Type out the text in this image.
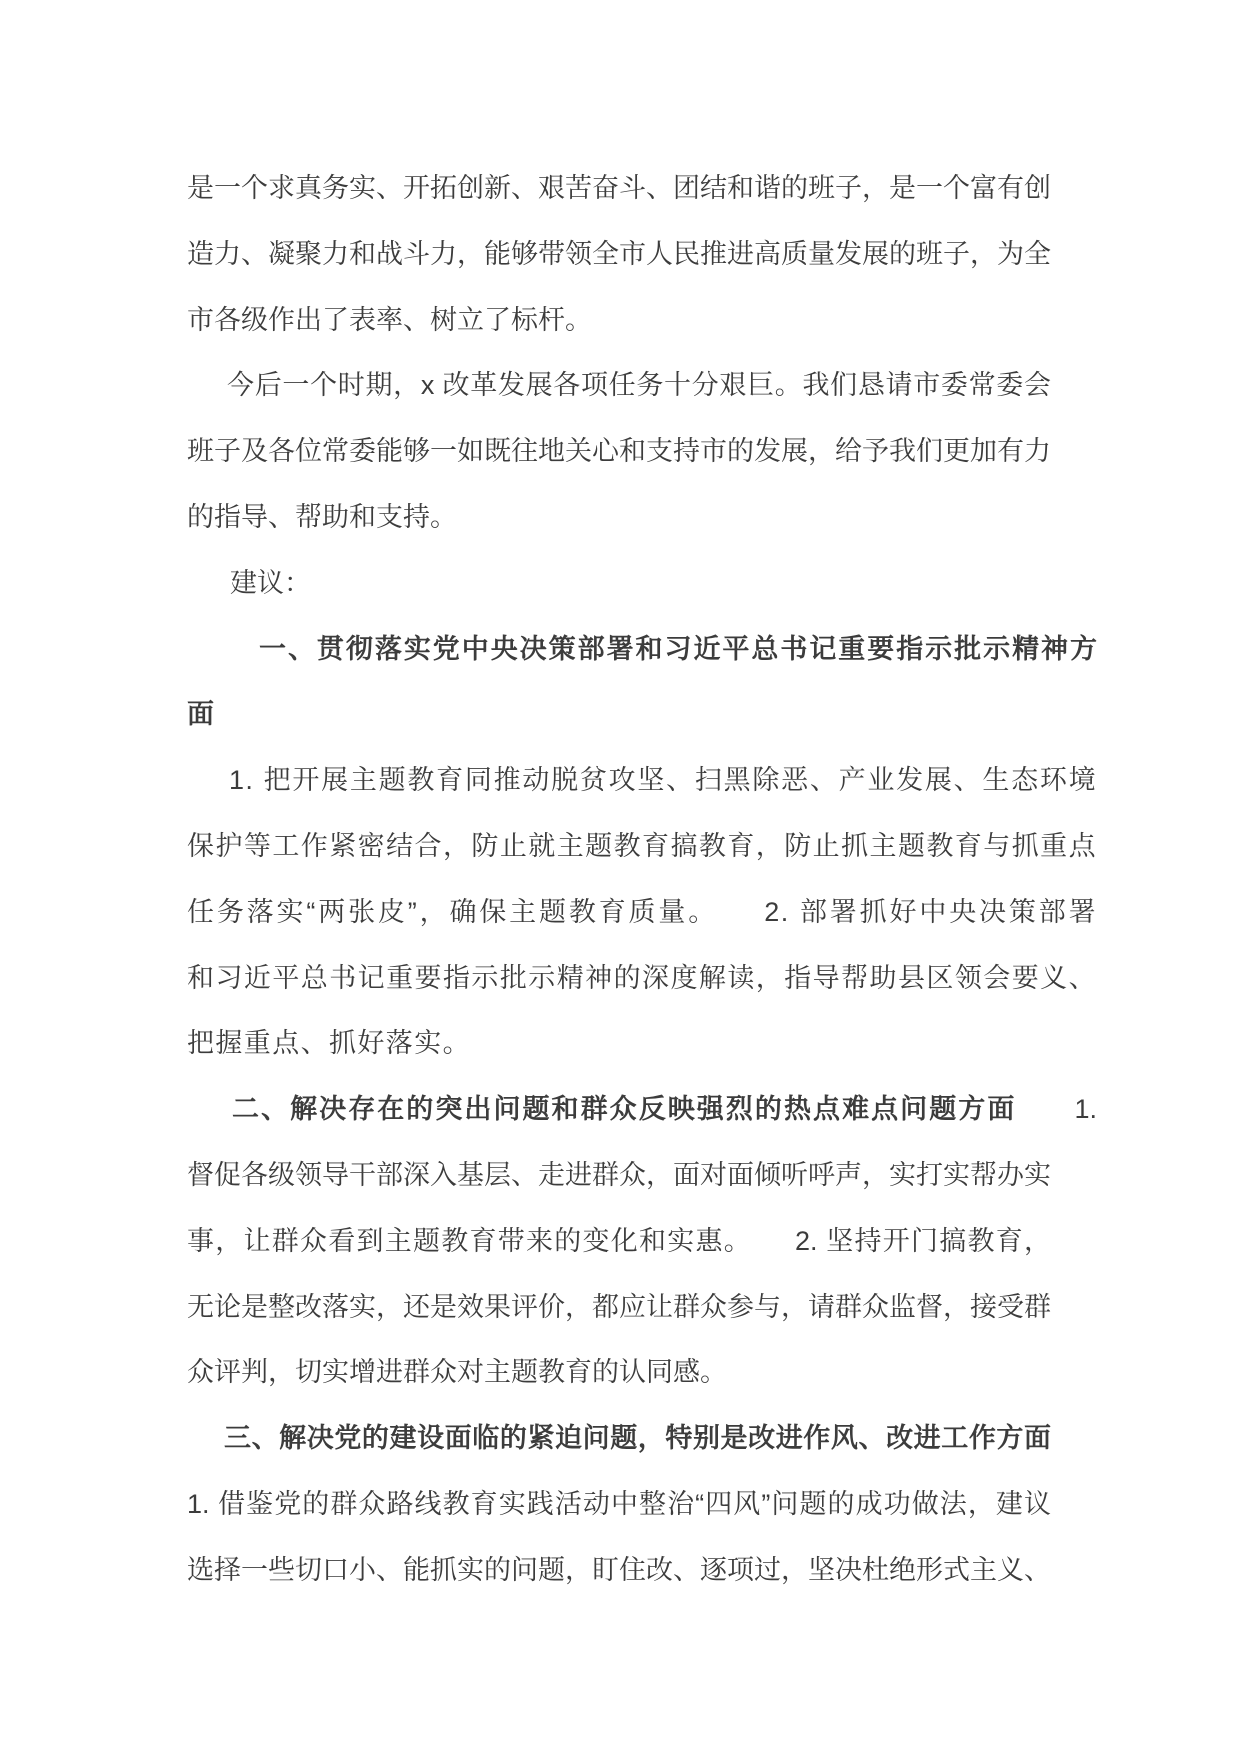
是一个求真务实、开拓创新、艰苦奋斗、团结和谐的班子，是一个富有创
造力、凝聚力和战斗力，能够带领全市人民推进高质量发展的班子，为全
市各级作出了表率、树立了标杆。
今后一个时期，x 改革发展各项任务十分艰巨。我们恳请市委常委会
班子及各位常委能够一如既往地关心和支持市的发展，给予我们更加有力
的指导、帮助和支持。
建议：
一、贯彻落实党中央决策部署和习近平总书记重要指示批示精神方
面
1. 把开展主题教育同推动脱贫攻坚、扫黑除恶、产业发展、生态环境
保护等工作紧密结合，防止就主题教育搞教育，防止抓主题教育与抓重点
任务落实“两张皮”，确保主题教育质量。　　2. 部署抓好中央决策部署
和习近平总书记重要指示批示精神的深度解读，指导帮助县区领会要义、
把握重点、抓好落实。
二、解决存在的突出问题和群众反映强烈的热点难点问题方面　　1.
督促各级领导干部深入基层、走进群众，面对面倾听呼声，实打实帮办实
事，让群众看到主题教育带来的变化和实惠。　　2. 坚持开门搞教育，
无论是整改落实，还是效果评价，都应让群众参与，请群众监督，接受群
众评判，切实增进群众对主题教育的认同感。
三、解决党的建设面临的紧迫问题，特别是改进作风、改进工作方面
1. 借鉴党的群众路线教育实践活动中整治“四风”问题的成功做法，建议
选择一些切口小、能抓实的问题，盯住改、逐项过，坚决杜绝形式主义、
